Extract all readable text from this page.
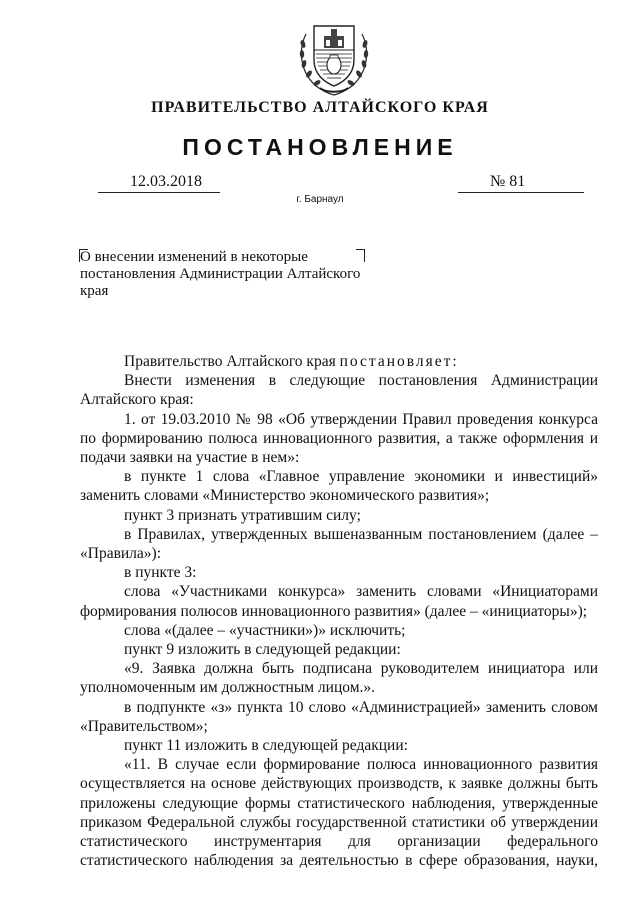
ПРАВИТЕЛЬСТВО АЛТАЙСКОГО КРАЯ
ПОСТАНОВЛЕНИЕ
12.03.2018	№ 81
г. Барнаул
О внесении изменений в некоторые постановления Администрации Алтайского края

Правительство Алтайского края постановляет:

Внести изменения в следующие постановления Администрации Алтайского края:

1. от 19.03.2010 № 98 «Об утверждении Правил проведения конкурса по формированию полюса инновационного развития, а также оформления и подачи заявки на участие в нем»:

в пункте 1 слова «Главное управление экономики и инвестиций» заменить словами «Министерство экономического развития»;

пункт 3 признать утратившим силу;

в Правилах, утвержденных вышеназванным постановлением (далее – «Правила»):

в пункте 3:

слова «Участниками конкурса» заменить словами «Инициаторами формирования полюсов инновационного развития» (далее – «инициаторы»);

слова «(далее – «участники»)» исключить;

пункт 9 изложить в следующей редакции:

«9. Заявка должна быть подписана руководителем инициатора или уполномоченным им должностным лицом.».

в подпункте «з» пункта 10 слово «Администрацией» заменить словом «Правительством»;

пункт 11 изложить в следующей редакции:

«11. В случае если формирование полюса инновационного развития осуществляется на основе действующих производств, к заявке должны быть приложены следующие формы статистического наблюдения, утвержденные приказом Федеральной службы государственной статистики об утверждении статистического инструментария для организации федерального статистического наблюдения за деятельностью в сфере образования, науки,
